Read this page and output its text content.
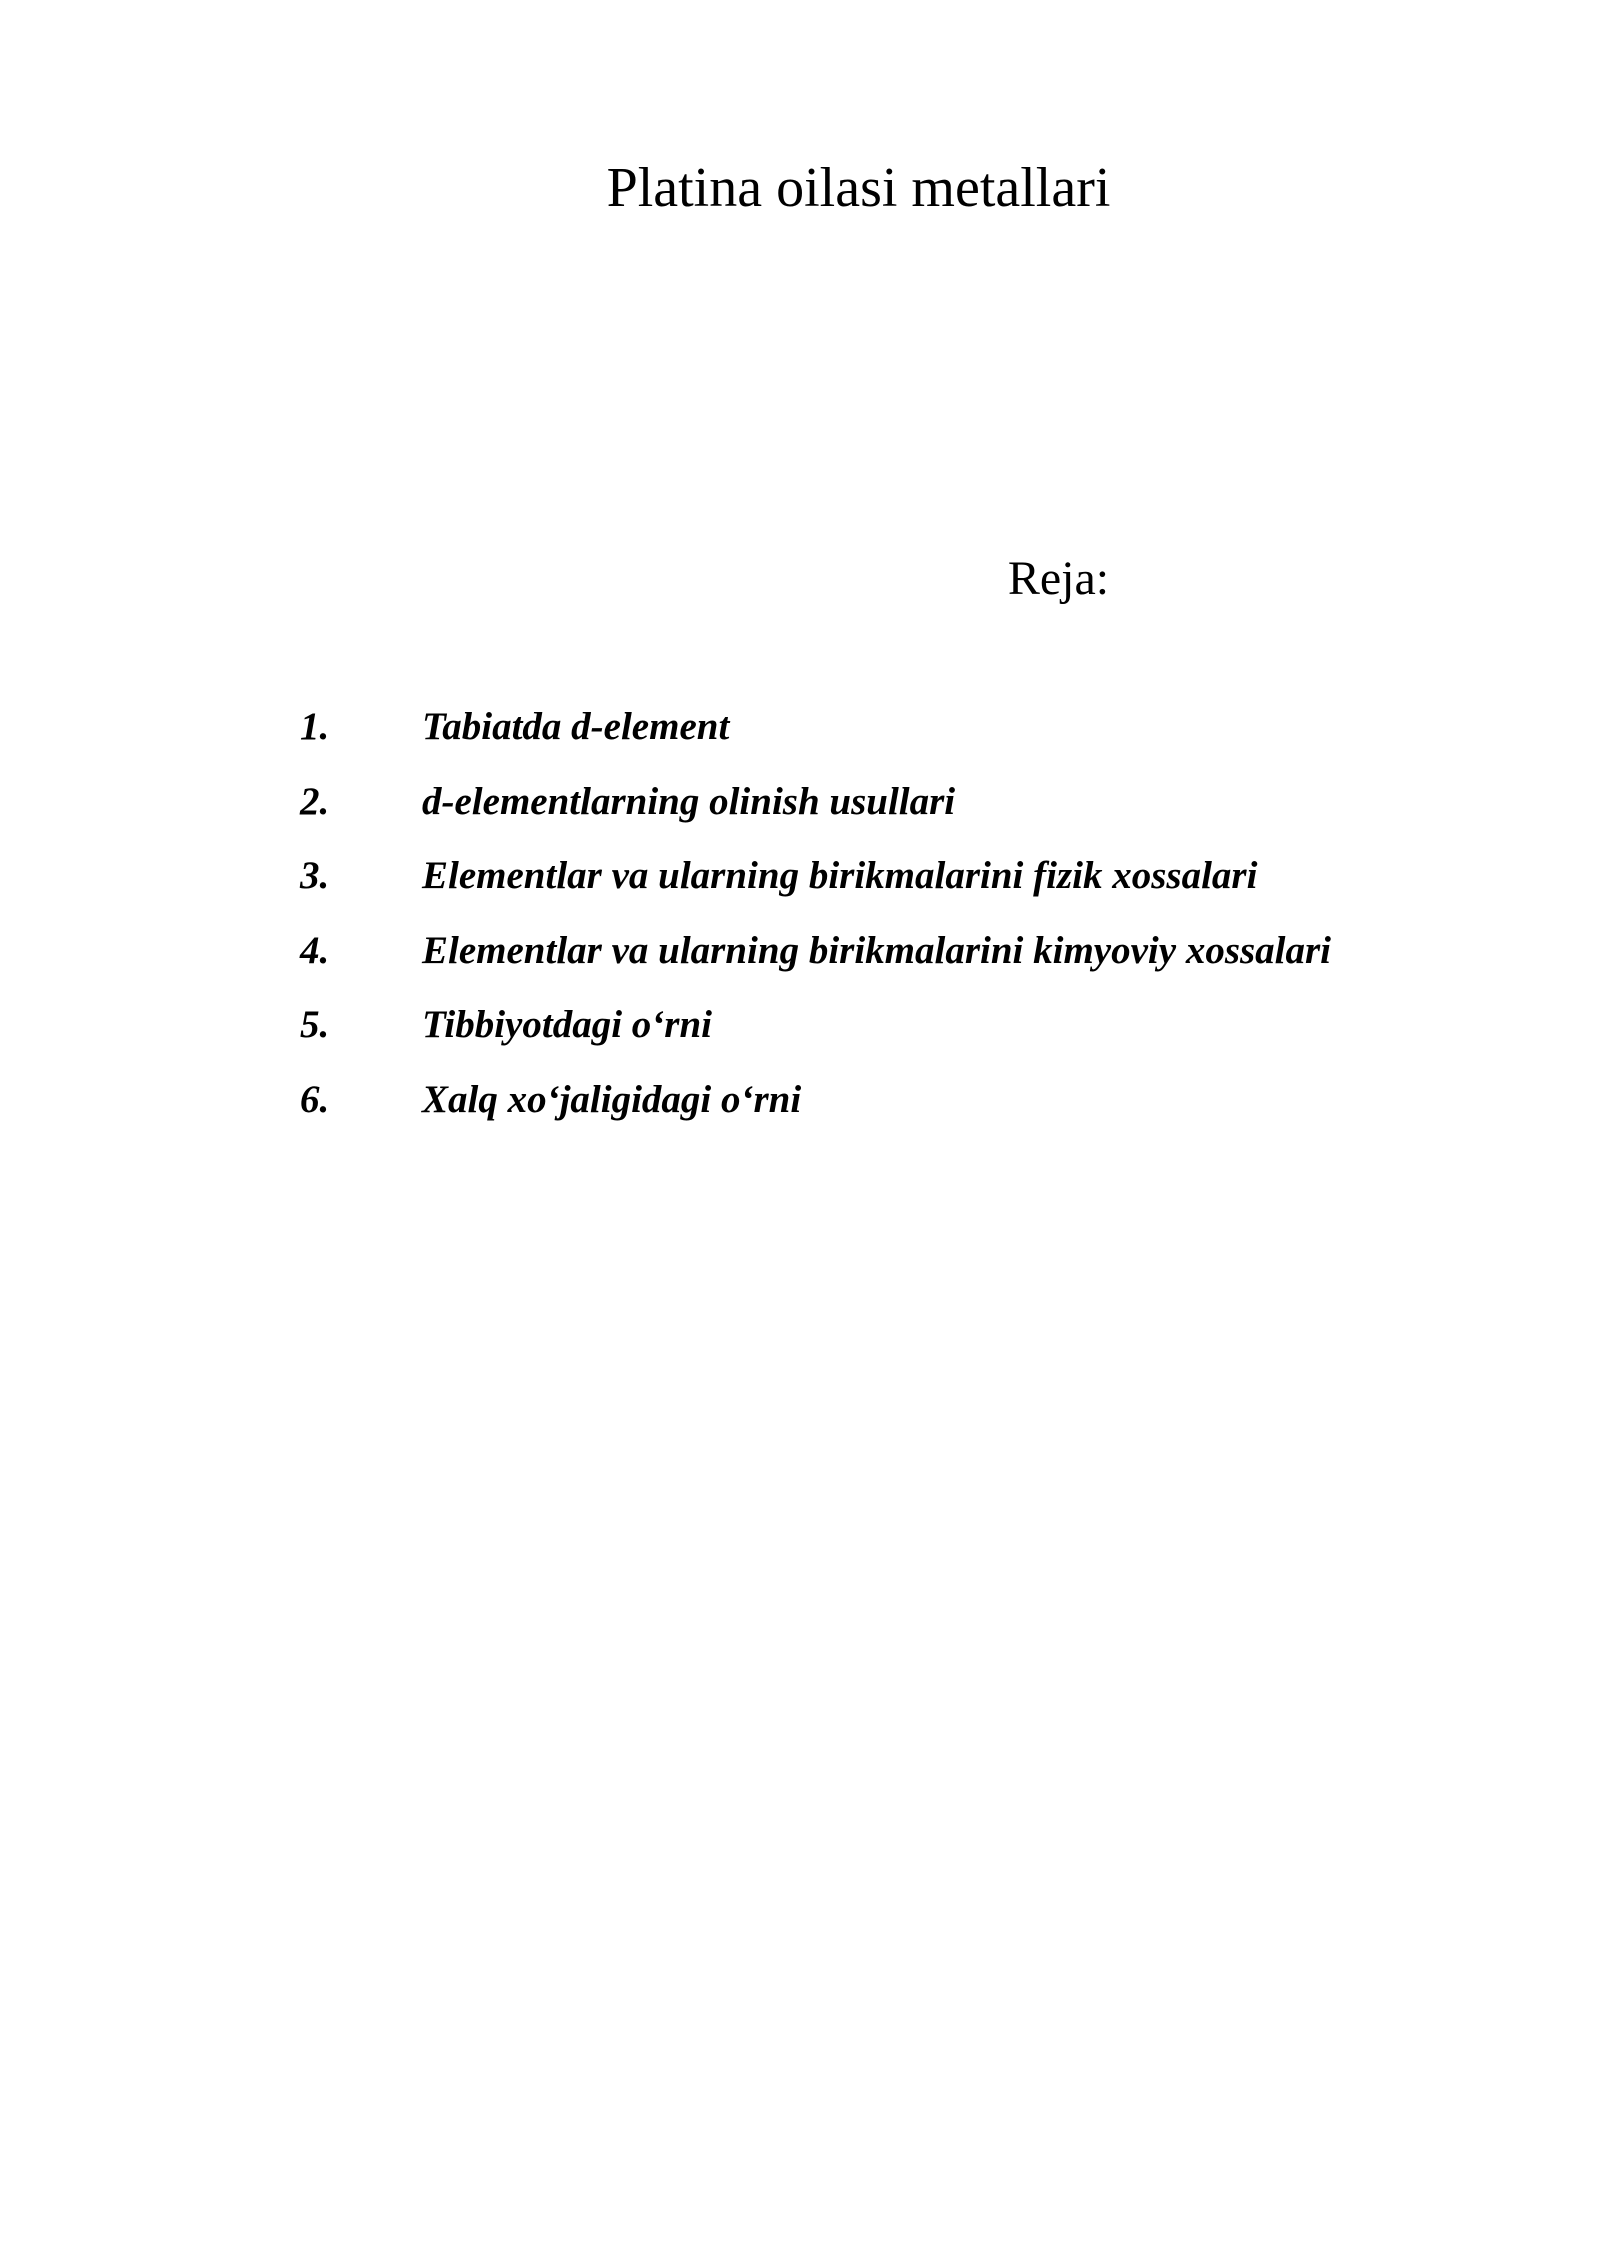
Platina oilasi metallari
Reja:
1.	Tabiatda d-element
2.	d-elementlarning olinish usullari
3.	Elementlar va ularning birikmalarini fizik xossalari
4.	Elementlar va ularning birikmalarini kimyoviy xossalari
5.	Tibbiyotdagi o‘rni
6.	Xalq xo‘jaligidagi o‘rni
